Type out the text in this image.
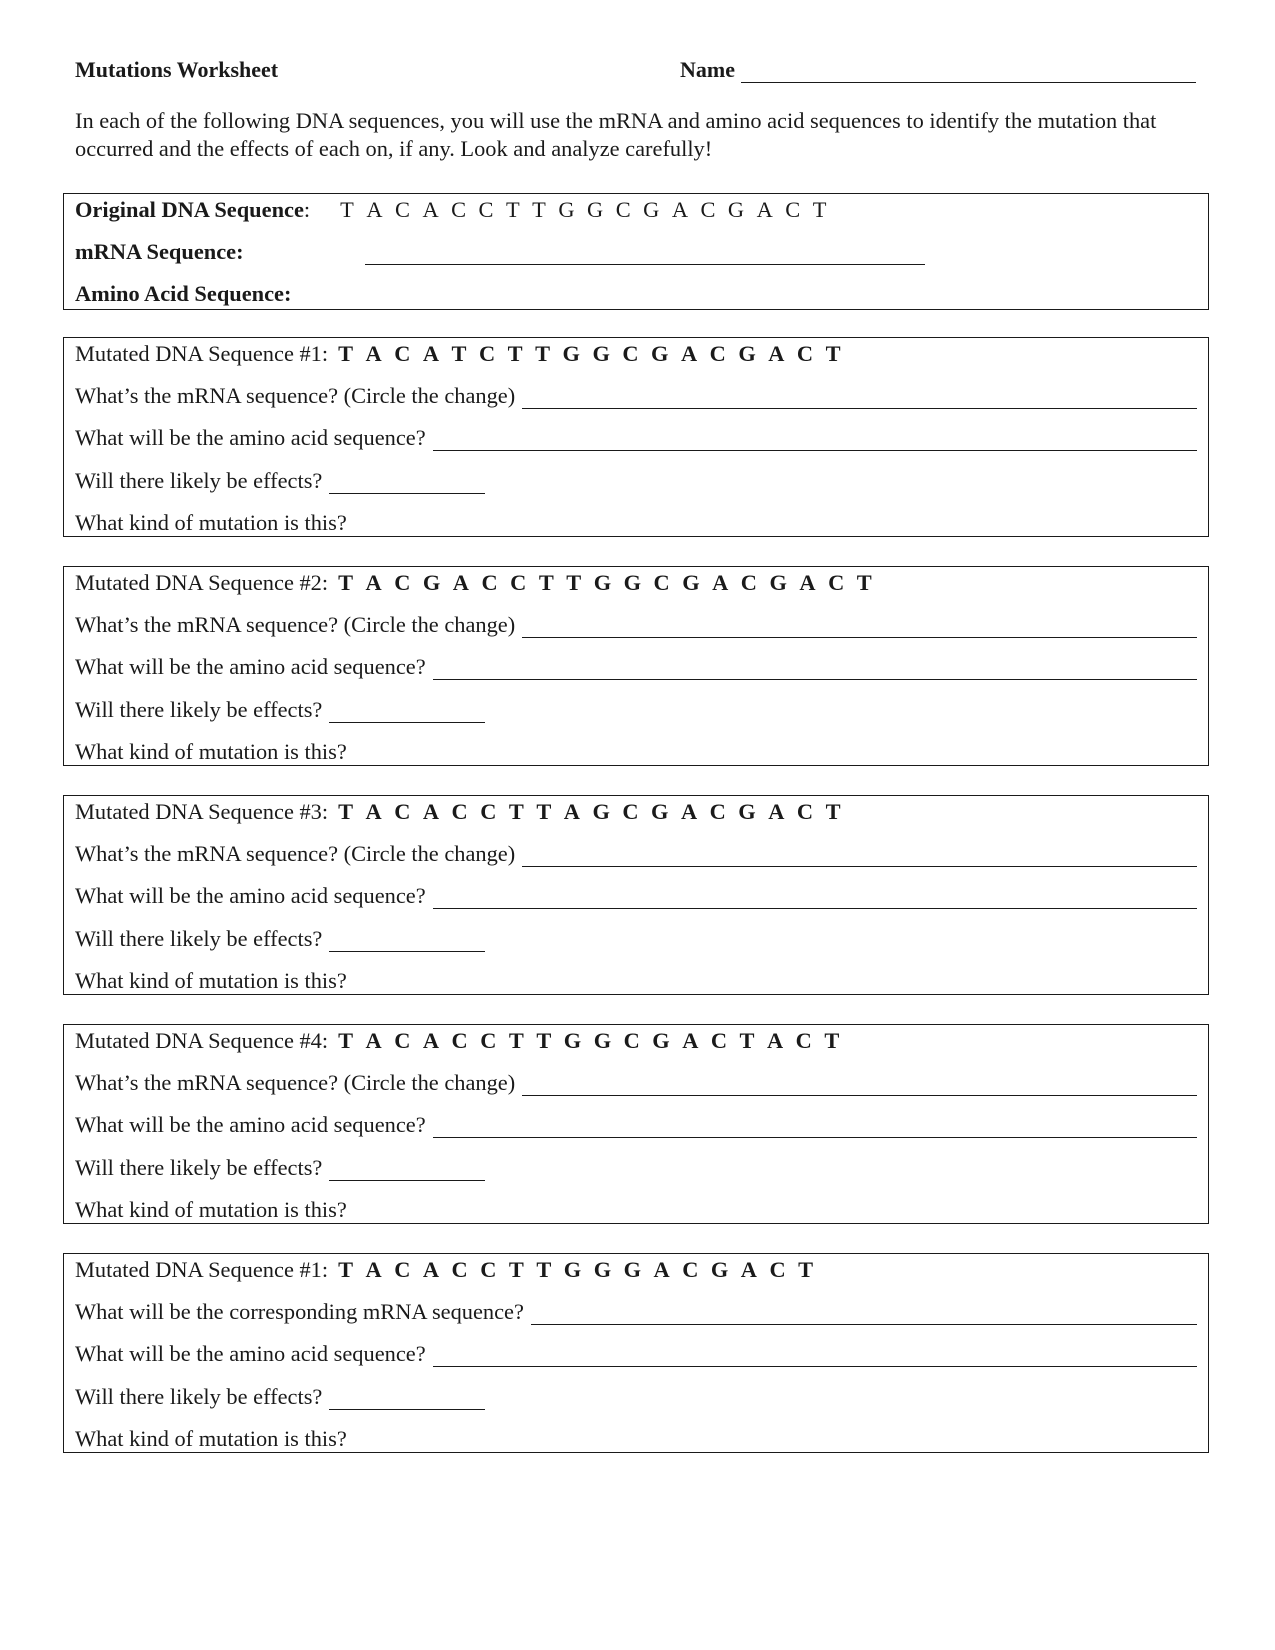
Mutations Worksheet	Name
In each of the following DNA sequences, you will use the mRNA and amino acid sequences to identify the mutation that occurred and the effects of each on, if any. Look and analyze carefully!
Original DNA Sequence : T A C A C C T T G G C G A C G A C T
mRNA Sequence:
Amino Acid Sequence:
Mutated DNA Sequence #1: T A C A T C T T G G C G A C G A C T
What’s the mRNA sequence? (Circle the change)
What will be the amino acid sequence?
Will there likely be effects?
What kind of mutation is this?
Mutated DNA Sequence #2: T A C G A C C T T G G C G A C G A C T
What’s the mRNA sequence? (Circle the change)
What will be the amino acid sequence?
Will there likely be effects?
What kind of mutation is this?
Mutated DNA Sequence #3: T A C A C C T T A G C G A C G A C T
What’s the mRNA sequence? (Circle the change)
What will be the amino acid sequence?
Will there likely be effects?
What kind of mutation is this?
Mutated DNA Sequence #4: T A C A C C T T G G C G A C T A C T
What’s the mRNA sequence? (Circle the change)
What will be the amino acid sequence?
Will there likely be effects?
What kind of mutation is this?
Mutated DNA Sequence #1: T A C A C C T T G G G A C G A C T
What will be the corresponding mRNA sequence?
What will be the amino acid sequence?
Will there likely be effects?
What kind of mutation is this?
